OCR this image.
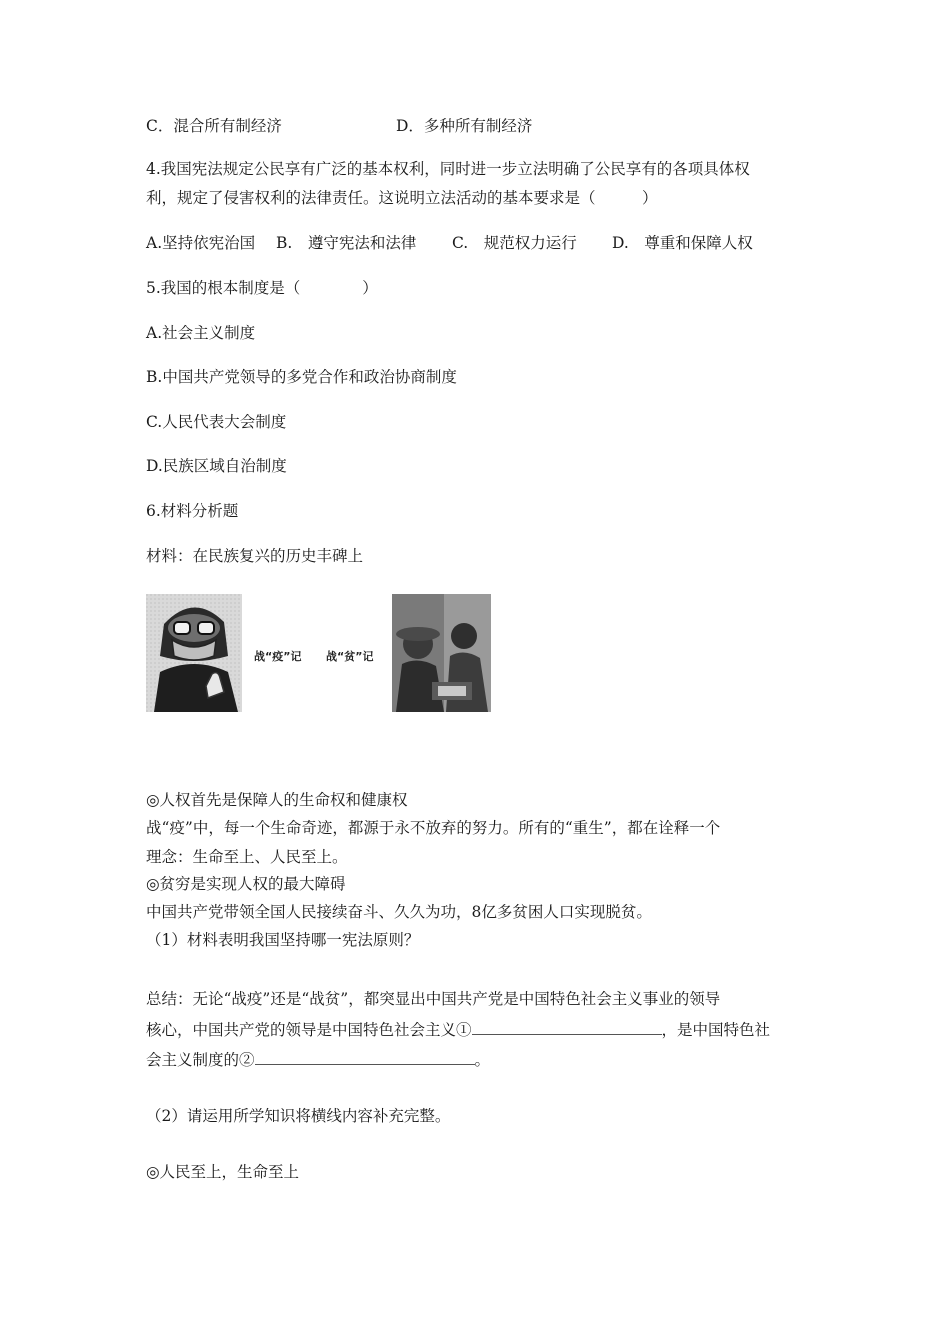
C．混合所有制经济	D．多种所有制经济
4.我国宪法规定公民享有广泛的基本权利，同时进一步立法明确了公民享有的各项具体权
利，规定了侵害权利的法律责任。这说明立法活动的基本要求是（　　　）
A.坚持依宪治国 B.　遵守宪法和法律 C.　规范权力运行 D.　尊重和保障人权
5.我国的根本制度是（　　　　）
A.社会主义制度
B.中国共产党领导的多党合作和政治协商制度
C.人民代表大会制度
D.民族区域自治制度
6.材料分析题
材料：在民族复兴的历史丰碑上
战“疫”记 战“贫”记
◎人权首先是保障人的生命权和健康权
战“疫”中，每一个生命奇迹，都源于永不放弃的努力。所有的“重生”，都在诠释一个
理念：生命至上、人民至上。
◎贫穷是实现人权的最大障碍
中国共产党带领全国人民接续奋斗、久久为功，8亿多贫困人口实现脱贫。
（1）材料表明我国坚持哪一宪法原则？
总结：无论“战疫”还是“战贫”，都突显出中国共产党是中国特色社会主义事业的领导
核心，中国共产党的领导是中国特色社会主义①	，是中国特色社
会主义制度的②	。
（2）请运用所学知识将横线内容补充完整。
◎人民至上，生命至上
